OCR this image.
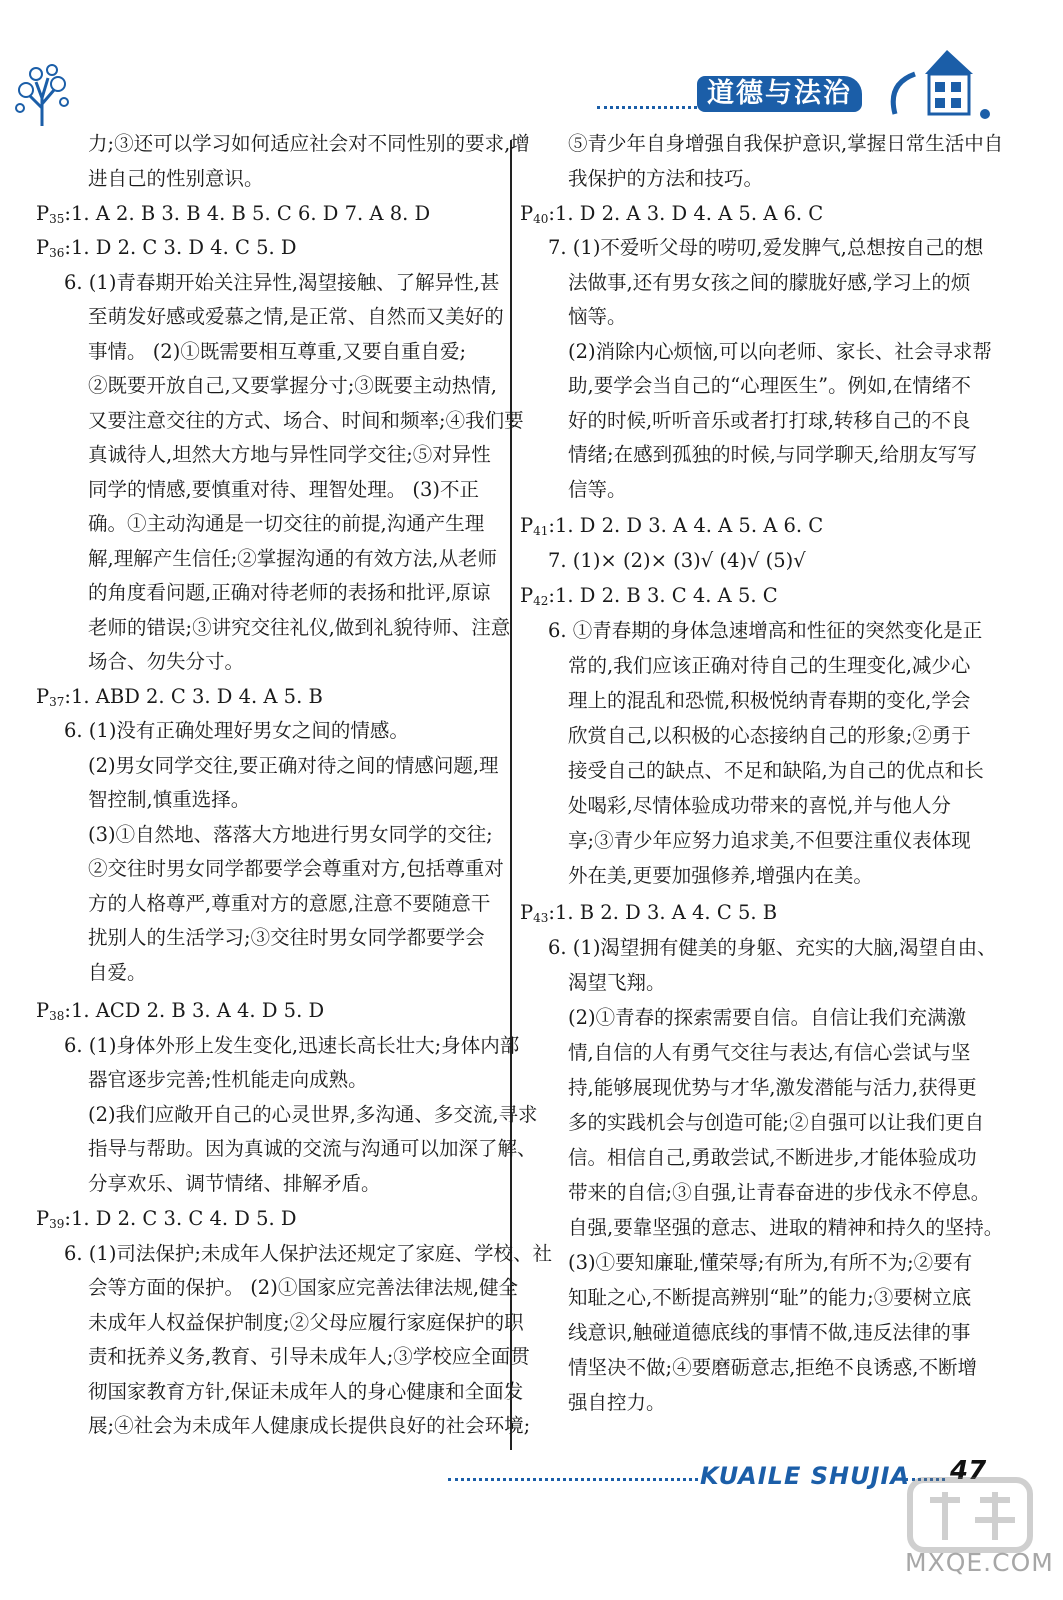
道德与法治
力;③还可以学习如何适应社会对不同性别的要求,增
进自己的性别意识。
$P_{35}:1$. A 2. B 3. B 4. B 5. C 6. D 7. A 8. D
$P_{36}:1$. D 2. C 3. D 4. C 5. D
6. (1)青春期开始关注异性,渴望接触、了解异性,甚
至萌发好感或爱慕之情,是正常、自然而又美好的
事情。 (2)①既需要相互尊重,又要自重自爱;
②既要开放自己,又要掌握分寸;③既要主动热情,
又要注意交往的方式、场合、时间和频率;④我们要
真诚待人,坦然大方地与异性同学交往;⑤对异性
同学的情感,要慎重对待、理智处理。 (3)不正
确。①主动沟通是一切交往的前提,沟通产生理
解,理解产生信任;②掌握沟通的有效方法,从老师
的角度看问题,正确对待老师的表扬和批评,原谅
老师的错误;③讲究交往礼仪,做到礼貌待师、注意
场合、勿失分寸。
$P_{37}:1$. ABD 2. C 3. D 4. A 5. B
6. (1)没有正确处理好男女之间的情感。
(2)男女同学交往,要正确对待之间的情感问题,理
智控制,慎重选择。
(3)①自然地、落落大方地进行男女同学的交往;
②交往时男女同学都要学会尊重对方,包括尊重对
方的人格尊严,尊重对方的意愿,注意不要随意干
扰别人的生活学习;③交往时男女同学都要学会
自爱。
$P_{38}:1$. ACD 2. B 3. A 4. D 5. D
6. (1)身体外形上发生变化,迅速长高长壮大;身体内部
器官逐步完善;性机能走向成熟。
(2)我们应敞开自己的心灵世界,多沟通、多交流,寻求
指导与帮助。因为真诚的交流与沟通可以加深了解、
分享欢乐、调节情绪、排解矛盾。
$P_{39}:1$. D 2. C 3. C 4. D 5. D
6. (1)司法保护;未成年人保护法还规定了家庭、学校、社
会等方面的保护。 (2)①国家应完善法律法规,健全
未成年人权益保护制度;②父母应履行家庭保护的职
责和抚养义务,教育、引导未成年人;③学校应全面贯
彻国家教育方针,保证未成年人的身心健康和全面发
展;④社会为未成年人健康成长提供良好的社会环境;
⑤青少年自身增强自我保护意识,掌握日常生活中自
我保护的方法和技巧。
$P_{40}:1$. D 2. A 3. D 4. A 5. A 6. C
7. (1)不爱听父母的唠叨,爱发脾气,总想按自己的想
法做事,还有男女孩之间的朦胧好感,学习上的烦
恼等。
(2)消除内心烦恼,可以向老师、家长、社会寻求帮
助,要学会当自己的“心理医生”。例如,在情绪不
好的时候,听听音乐或者打打球,转移自己的不良
情绪;在感到孤独的时候,与同学聊天,给朋友写写
信等。
$P_{41}:1$. D 2. D 3. A 4. A 5. A 6. C
7. (1)× (2)× (3)√ (4)√ (5)√
$P_{42}:1$. D 2. B 3. C 4. A 5. C
6. ①青春期的身体急速增高和性征的突然变化是正
常的,我们应该正确对待自己的生理变化,减少心
理上的混乱和恐慌,积极悦纳青春期的变化,学会
欣赏自己,以积极的心态接纳自己的形象;②勇于
接受自己的缺点、不足和缺陷,为自己的优点和长
处喝彩,尽情体验成功带来的喜悦,并与他人分
享;③青少年应努力追求美,不但要注重仪表体现
外在美,更要加强修养,增强内在美。
$P_{43}:1$. B 2. D 3. A 4. C 5. B
6. (1)渴望拥有健美的身躯、充实的大脑,渴望自由、
渴望飞翔。
(2)①青春的探索需要自信。自信让我们充满激
情,自信的人有勇气交往与表达,有信心尝试与坚
持,能够展现优势与才华,激发潜能与活力,获得更
多的实践机会与创造可能;②自强可以让我们更自
信。相信自己,勇敢尝试,不断进步,才能体验成功
带来的自信;③自强,让青春奋进的步伐永不停息。
自强,要靠坚强的意志、进取的精神和持久的坚持。
(3)①要知廉耻,懂荣辱;有所为,有所不为;②要有
知耻之心,不断提高辨别“耻”的能力;③要树立底
线意识,触碰道德底线的事情不做,违反法律的事
情坚决不做;④要磨砺意志,拒绝不良诱惑,不断增
强自控力。
KUAILE SHUJIA 47
MXQE.COM
